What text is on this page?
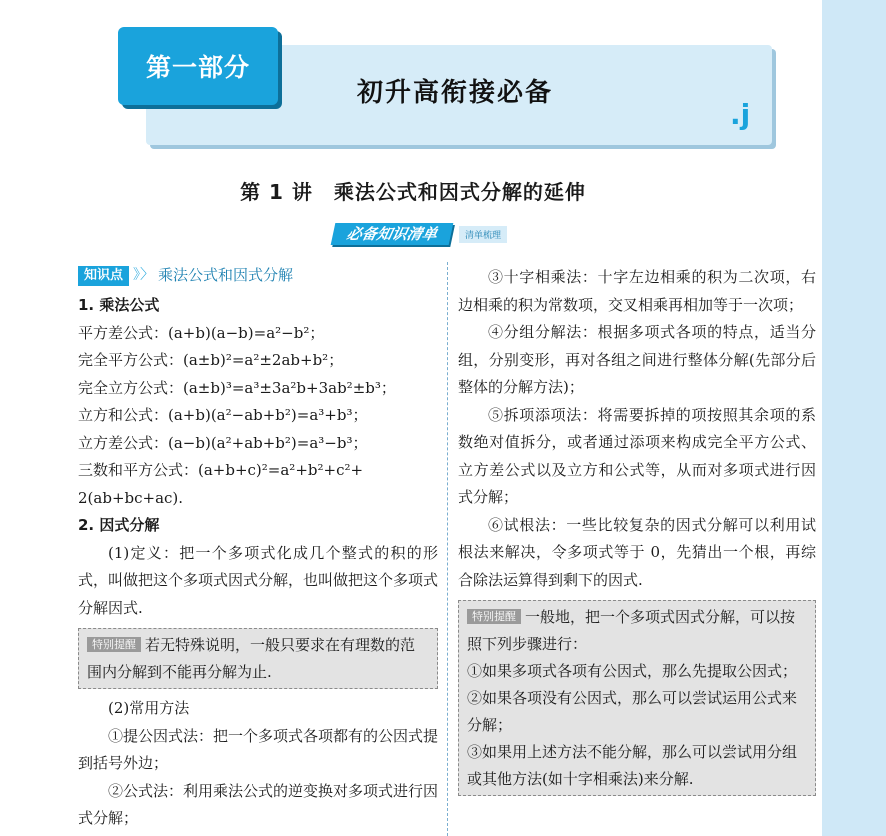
第一部分
初升高衔接必备
.j
第 1 讲　乘法公式和因式分解的延伸
必备知识清单	清单梳理
知识点 》〉 乘法公式和因式分解
1. 乘法公式

平方差公式：(a+b)(a−b)=a²−b²；

完全平方公式：(a±b)²=a²±2ab+b²；

完全立方公式：(a±b)³=a³±3a²b+3ab²±b³；

立方和公式：(a+b)(a²−ab+b²)=a³+b³；

立方差公式：(a−b)(a²+ab+b²)=a³−b³；

三数和平方公式：(a+b+c)²=a²+b²+c²+

2(ab+bc+ac).

2. 因式分解

(1)定义：把一个多项式化成几个整式的积的形式，叫做把这个多项式因式分解，也叫做把这个多项式分解因式.

特别提醒 若无特殊说明，一般只要求在有理数的范围内分解到不能再分解为止.

(2)常用方法

①提公因式法：把一个多项式各项都有的公因式提到括号外边；

②公式法：利用乘法公式的逆变换对多项式进行因式分解；

③十字相乘法：十字左边相乘的积为二次项，右边相乘的积为常数项，交叉相乘再相加等于一次项；

④分组分解法：根据多项式各项的特点，适当分组，分别变形，再对各组之间进行整体分解(先部分后整体的分解方法)；

⑤拆项添项法：将需要拆掉的项按照其余项的系数绝对值拆分，或者通过添项来构成完全平方公式、立方差公式以及立方和公式等，从而对多项式进行因式分解；

⑥试根法：一些比较复杂的因式分解可以利用试根法来解决，令多项式等于 0，先猜出一个根，再综合除法运算得到剩下的因式.

特别提醒 一般地，把一个多项式因式分解，可以按照下列步骤进行：
①如果多项式各项有公因式，那么先提取公因式；
②如果各项没有公因式，那么可以尝试运用公式来分解；
③如果用上述方法不能分解，那么可以尝试用分组或其他方法(如十字相乘法)来分解.
